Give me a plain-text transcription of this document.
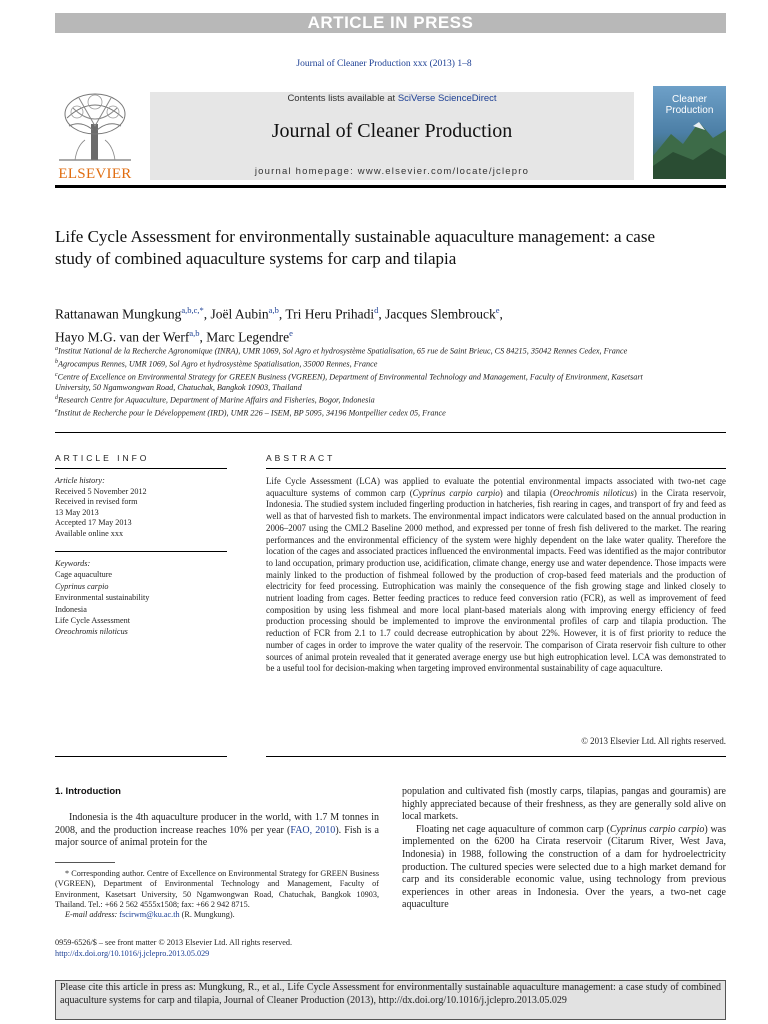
ARTICLE IN PRESS
Journal of Cleaner Production xxx (2013) 1–8
ELSEVIER
Contents lists available at SciVerse ScienceDirect
Journal of Cleaner Production
journal homepage: www.elsevier.com/locate/jclepro
Cleaner
Production
Life Cycle Assessment for environmentally sustainable aquaculture management: a case study of combined aquaculture systems for carp and tilapia
Rattanawan Mungkung$^{a,b,c,*}$, Joël Aubin$^{a,b}$, Tri Heru Prihadi$^d$, Jacques Slembrouck$^e$,
Hayo M.G. van der Werf$^{a,b}$, Marc Legendre$^e$
$^a$Institut National de la Recherche Agronomique (INRA), UMR 1069, Sol Agro et hydrosystème Spatialisation, 65 rue de Saint Brieuc, CS 84215, 35042 Rennes Cedex, France
$^b$Agrocampus Rennes, UMR 1069, Sol Agro et hydrosystème Spatialisation, 35000 Rennes, France
$^c$Centre of Excellence on Environmental Strategy for GREEN Business (VGREEN), Department of Environmental Technology and Management, Faculty of Environment, Kasetsart University, 50 Ngamwongwan Road, Chatuchak, Bangkok 10903, Thailand
$^d$Research Centre for Aquaculture, Department of Marine Affairs and Fisheries, Bogor, Indonesia
$^e$Institut de Recherche pour le Développement (IRD), UMR 226 – ISEM, BP 5095, 34196 Montpellier cedex 05, France
ARTICLE INFO
Article history:
Received 5 November 2012
Received in revised form
13 May 2013
Accepted 17 May 2013
Available online xxx
Keywords:
Cage aquaculture
Cyprinus carpio
Environmental sustainability
Indonesia
Life Cycle Assessment
Oreochromis niloticus
ABSTRACT
Life Cycle Assessment (LCA) was applied to evaluate the potential environmental impacts associated with two-net cage aquaculture systems of common carp (Cyprinus carpio carpio) and tilapia (Oreochromis niloticus) in the Cirata reservoir, Indonesia. The studied system included fingerling production in hatcheries, fish rearing in cages, and transport of fry and feed as well as that of harvested fish to markets. The environmental impact indicators were calculated based on the annual production in 2006–2007 using the CML2 Baseline 2000 method, and expressed per tonne of fresh fish delivered to the market. The rearing performances and the environmental efficiency of the system were highly dependent on the lake water quality. Therefore the location of the cages and associated practices influenced the environmental impacts. Feed was identified as the major contributor to land occupation, primary production use, acidification, climate change, energy use and water dependence. Those impacts were mainly linked to the production of fishmeal followed by the production of crop-based feed materials and the production of electricity for feed processing. Eutrophication was mainly the consequence of the fish growing stage and linked closely to nutrient loading from cages. Better feeding practices to reduce feed conversion ratio (FCR), as well as improvement of feed composition by using less fishmeal and more local plant-based materials along with improving energy efficiency of feed production processing should be implemented to improve the environmental profiles of carp and tilapia production. The reduction of FCR from 2.1 to 1.7 could decrease eutrophication by about 22%. However, it is of first priority to reduce the number of cages in order to improve the water quality of the reservoir. The comparison of Cirata reservoir fish culture to other sources of animal protein revealed that it generated average energy use but high eutrophication level. LCA was demonstrated to be a useful tool for decision-making when targeting improved environmental sustainability of cage aquaculture.
© 2013 Elsevier Ltd. All rights reserved.
1. Introduction

Indonesia is the 4th aquaculture producer in the world, with 1.7 M tonnes in 2008, and the production increase reaches 10% per year (FAO, 2010). Fish is a major source of animal protein for the

* Corresponding author. Centre of Excellence on Environmental Strategy for GREEN Business (VGREEN), Department of Environmental Technology and Management, Faculty of Environment, Kasetsart University, 50 Ngamwongwan Road, Chatuchak, Bangkok 10903, Thailand. Tel.: +66 2 562 4555x1508; fax: +66 2 942 8715.
E-mail address: fscirwm@ku.ac.th (R. Mungkung).
0959-6526/$ – see front matter © 2013 Elsevier Ltd. All rights reserved.
http://dx.doi.org/10.1016/j.jclepro.2013.05.029
population and cultivated fish (mostly carps, tilapias, pangas and gouramis) are highly appreciated because of their freshness, as they are generally sold alive on local markets.

Floating net cage aquaculture of common carp (Cyprinus carpio carpio) was implemented on the 6200 ha Cirata reservoir (Citarum River, West Java, Indonesia) in 1988, following the construction of a dam for hydroelectricity production. The cultured species were selected due to a high market demand for carp and its considerable economic value, using technology from previous experiences in other areas in Indonesia. Over the years, a two-net cage aquaculture

Please cite this article in press as: Mungkung, R., et al., Life Cycle Assessment for environmentally sustainable aquaculture management: a case study of combined aquaculture systems for carp and tilapia, Journal of Cleaner Production (2013), http://dx.doi.org/10.1016/j.jclepro.2013.05.029
